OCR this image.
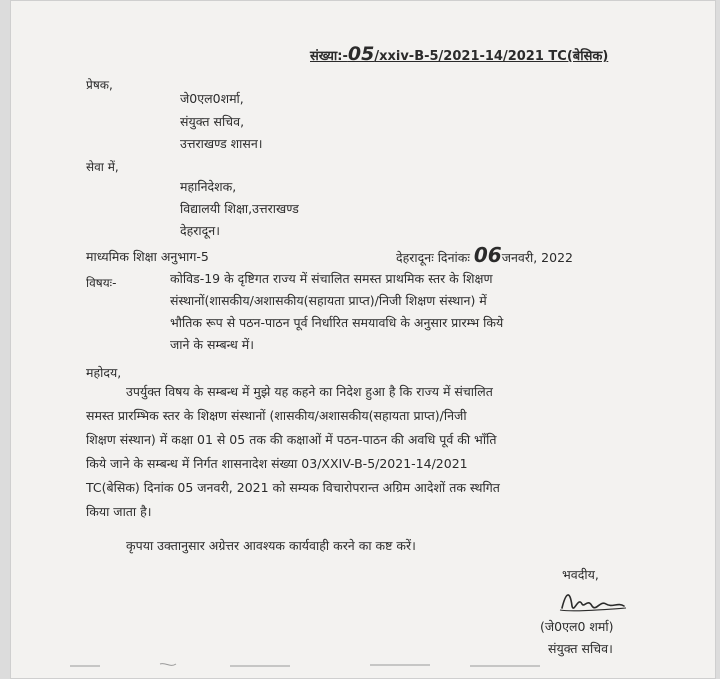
संख्या:-05/xxiv-B-5/2021-14/2021 TC(बेसिक)
प्रेषक,
जे0एल0शर्मा,
संयुक्त सचिव,
उत्तराखण्ड शासन।
सेवा में,
महानिदेशक,
विद्यालयी शिक्षा,उत्तराखण्ड
देहरादून।
माध्यमिक शिक्षा अनुभाग-5	देहरादूनः दिनांकः 06जनवरी, 2022
विषयः-	कोविड-19 के दृष्टिगत राज्य में संचालित समस्त प्राथमिक स्तर के शिक्षण
संस्थानों(शासकीय/अशासकीय(सहायता प्राप्त)/निजी शिक्षण संस्थान) में
भौतिक रूप से पठन-पाठन पूर्व निर्धारित समयावधि के अनुसार प्रारम्भ किये
जाने के सम्बन्ध में।
महोदय,
उपर्युक्त विषय के सम्बन्ध में मुझे यह कहने का निदेश हुआ है कि राज्य में संचालित
समस्त प्रारम्भिक स्तर के शिक्षण संस्थानों (शासकीय/अशासकीय(सहायता प्राप्त)/निजी
शिक्षण संस्थान) में कक्षा 01 से 05 तक की कक्षाओं में पठन-पाठन की अवधि पूर्व की भाँति
किये जाने के सम्बन्ध में निर्गत शासनादेश संख्या 03/XXIV-B-5/2021-14/2021
TC(बेसिक) दिनांक 05 जनवरी, 2021 को सम्यक विचारोपरान्त अग्रिम आदेशों तक स्थगित
किया जाता है।
कृपया उक्तानुसार अग्रेत्तर आवश्यक कार्यवाही करने का कष्ट करें।
भवदीय,
(जे0एल0 शर्मा)
संयुक्त सचिव।
